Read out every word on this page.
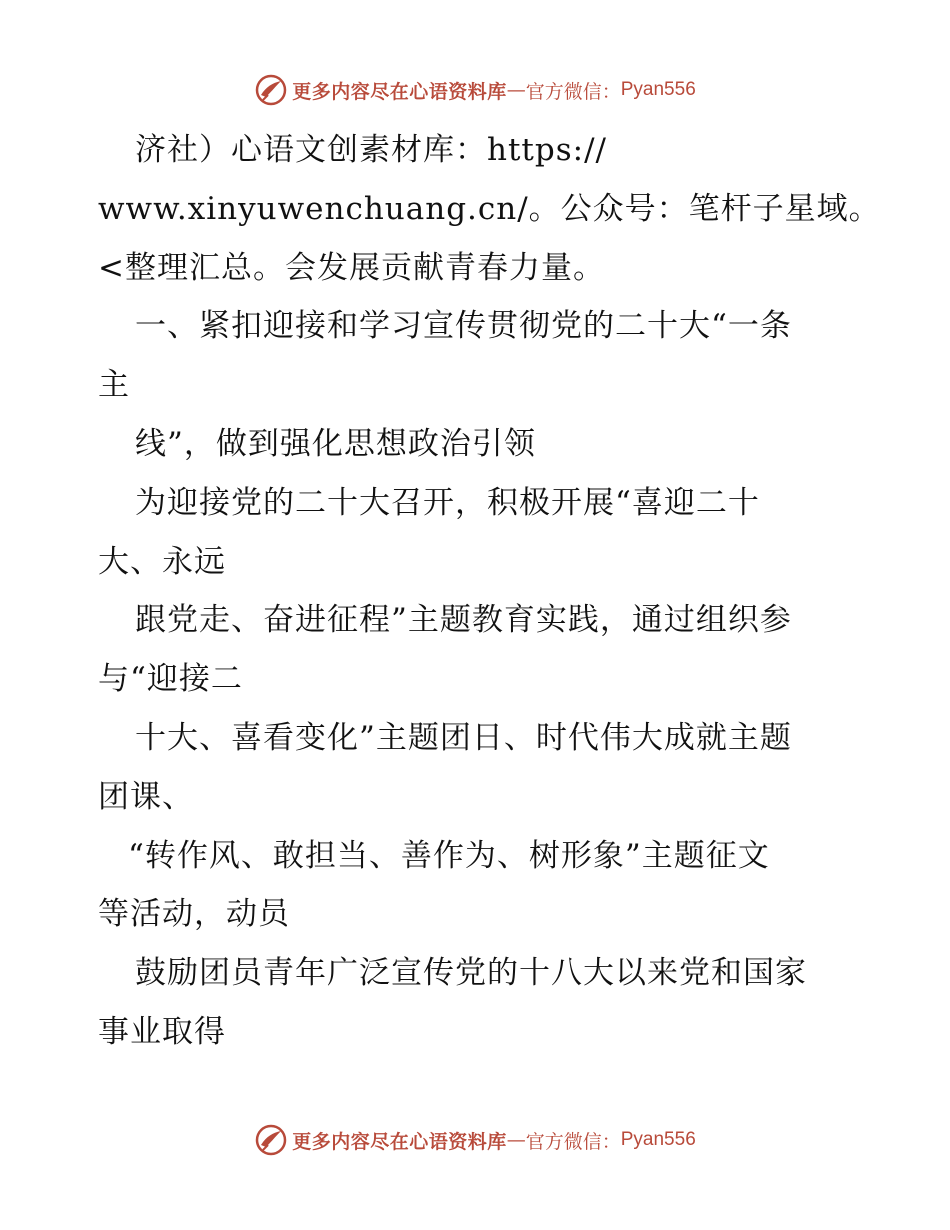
更多内容尽在心语资料库 — 官方微信： Pyan556
济社）心语文创素材库：https://
www.xinyuwenchuang.cn/。公众号：笔杆子星域。
<整理汇总。会发展贡献青春力量。
一、紧扣迎接和学习宣传贯彻党的二十大“一条
主
线”，做到强化思想政治引领
为迎接党的二十大召开，积极开展“喜迎二十
大、永远
跟党走、奋进征程”主题教育实践，通过组织参
与“迎接二
十大、喜看变化”主题团日、时代伟大成就主题
团课、
“转作风、敢担当、善作为、树形象”主题征文
等活动，动员
鼓励团员青年广泛宣传党的十八大以来党和国家
事业取得
更多内容尽在心语资料库 — 官方微信： Pyan556
